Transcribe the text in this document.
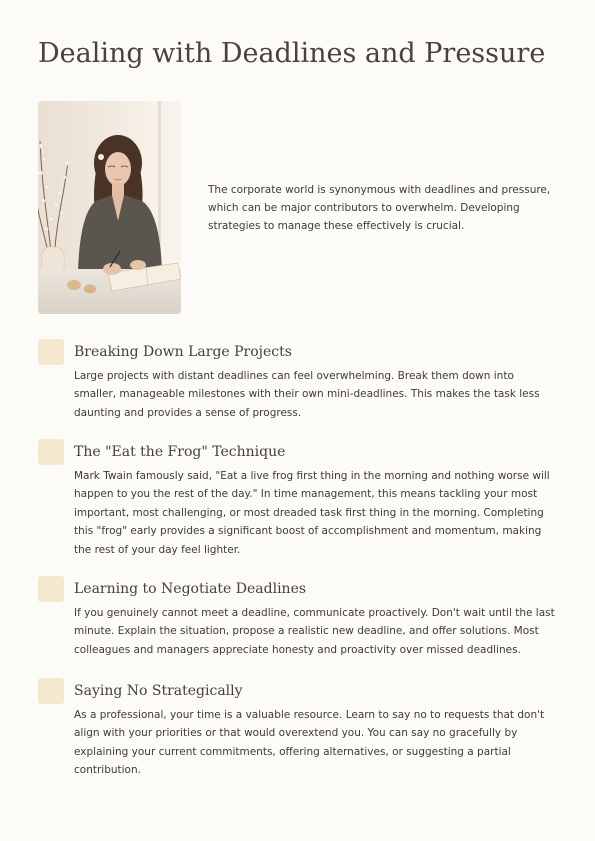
Dealing with Deadlines and Pressure

The corporate world is synonymous with deadlines and pressure, which can be major contributors to overwhelm. Developing strategies to manage these effectively is crucial.

Breaking Down Large Projects

Large projects with distant deadlines can feel overwhelming. Break them down into smaller, manageable milestones with their own mini-deadlines. This makes the task less daunting and provides a sense of progress.

The "Eat the Frog" Technique

Mark Twain famously said, "Eat a live frog first thing in the morning and nothing worse will happen to you the rest of the day." In time management, this means tackling your most important, most challenging, or most dreaded task first thing in the morning. Completing this "frog" early provides a significant boost of accomplishment and momentum, making the rest of your day feel lighter.

Learning to Negotiate Deadlines

If you genuinely cannot meet a deadline, communicate proactively. Don't wait until the last minute. Explain the situation, propose a realistic new deadline, and offer solutions. Most colleagues and managers appreciate honesty and proactivity over missed deadlines.

Saying No Strategically

As a professional, your time is a valuable resource. Learn to say no to requests that don't align with your priorities or that would overextend you. You can say no gracefully by explaining your current commitments, offering alternatives, or suggesting a partial contribution.
